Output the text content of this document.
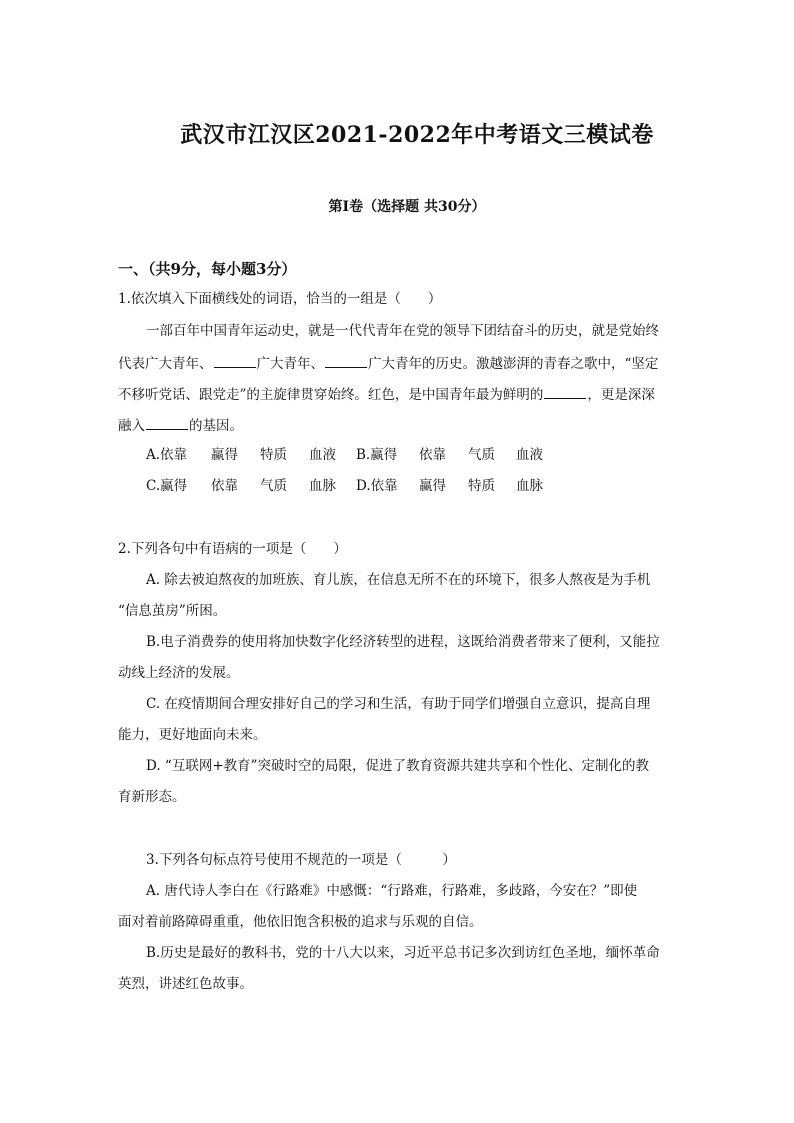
武汉市江汉区2021-2022年中考语文三模试卷
第I卷（选择题 共30分）
一、（共9分，每小题3分）
1.依次填入下面横线处的词语，恰当的一组是（　　）
一部百年中国青年运动史，就是一代代青年在党的领导下团结奋斗的历史，就是党始终
代表广大青年、	广大青年、	广大青年的历史。激越澎湃的青春之歌中，“坚定
不移听党话、跟党走”的主旋律贯穿始终。红色，是中国青年最为鲜明的	，更是深深
融入	的基因。
A.依靠 赢得 特质 血液 B.赢得 依靠 气质 血液
C.赢得 依靠 气质 血脉 D.依靠 赢得 特质 血脉
2.下列各句中有语病的一项是（　　）
A. 除去被迫熬夜的加班族、育儿族，在信息无所不在的环境下，很多人熬夜是为手机
“信息茧房”所困。
B.电子消费券的使用将加快数字化经济转型的进程，这既给消费者带来了便利，又能拉
动线上经济的发展。
C. 在疫情期间合理安排好自己的学习和生活，有助于同学们增强自立意识，提高自理
能力，更好地面向未来。
D. “互联网+教育”突破时空的局限，促进了教育资源共建共享和个性化、定制化的教
育新形态。
3.下列各句标点符号使用不规范的一项是（　　　）
A. 唐代诗人李白在《行路难》中感慨：“行路难，行路难，多歧路，今安在？”即使
面对着前路障碍重重，他依旧饱含积极的追求与乐观的自信。
B.历史是最好的教科书，党的十八大以来，习近平总书记多次到访红色圣地，缅怀革命
英烈，讲述红色故事。
